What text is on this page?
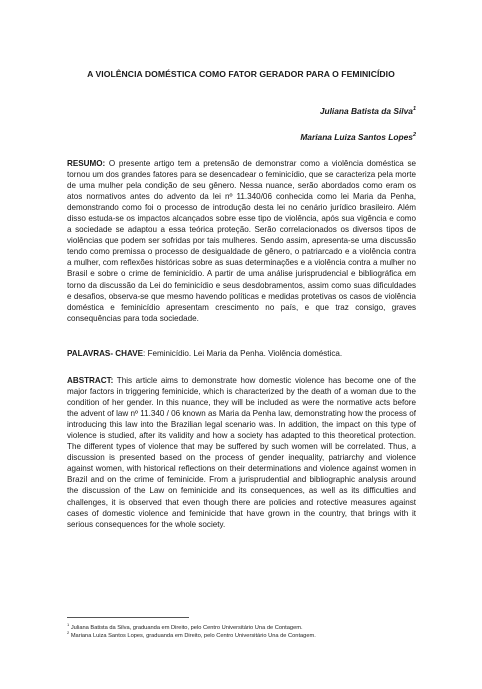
A VIOLÊNCIA DOMÉSTICA COMO FATOR GERADOR PARA O FEMINICÍDIO
Juliana Batista da Silva$^1$
Mariana Luiza Santos Lopes$^2$
RESUMO: O presente artigo tem a pretensão de demonstrar como a violência doméstica se tornou um dos grandes fatores para se desencadear o feminicídio, que se caracteriza pela morte de uma mulher pela condição de seu gênero. Nessa nuance, serão abordados como eram os atos normativos antes do advento da lei nº 11.340/06 conhecida como lei Maria da Penha, demonstrando como foi o processo de introdução desta lei no cenário jurídico brasileiro. Além disso estuda-se os impactos alcançados sobre esse tipo de violência, após sua vigência e como a sociedade se adaptou a essa teórica proteção. Serão correlacionados os diversos tipos de violências que podem ser sofridas por tais mulheres. Sendo assim, apresenta-se uma discussão tendo como premissa o processo de desigualdade de gênero, o patriarcado e a violência contra a mulher, com reflexões históricas sobre as suas determinações e a violência contra a mulher no Brasil e sobre o crime de feminicídio. A partir de uma análise jurisprudencial e bibliográfica em torno da discussão da Lei do feminicídio e seus desdobramentos, assim como suas dificuldades e desafios, observa-se que mesmo havendo políticas e medidas protetivas os casos de violência doméstica e feminicídio apresentam crescimento no país, e que traz consigo, graves consequências para toda sociedade.
PALAVRAS- CHAVE: Feminicídio. Lei Maria da Penha. Violência doméstica.
ABSTRACT: This article aims to demonstrate how domestic violence has become one of the major factors in triggering feminicide, which is characterized by the death of a woman due to the condition of her gender. In this nuance, they will be included as were the normative acts before the advent of law nº 11.340 / 06 known as Maria da Penha law, demonstrating how the process of introducing this law into the Brazilian legal scenario was. In addition, the impact on this type of violence is studied, after its validity and how a society has adapted to this theoretical protection. The different types of violence that may be suffered by such women will be correlated. Thus, a discussion is presented based on the process of gender inequality, patriarchy and violence against women, with historical reflections on their determinations and violence against women in Brazil and on the crime of feminicide. From a jurisprudential and bibliographic analysis around the discussion of the Law on feminicide and its consequences, as well as its difficulties and challenges, it is observed that even though there are policies and rotective measures against cases of domestic violence and feminicide that have grown in the country, that brings with it serious consequences for the whole society.
$^1$ Juliana Batista da Silva, graduanda em Direito, pelo Centro Universitário Una de Contagem.
$^2$ Mariana Luiza Santos Lopes, graduanda em Direito, pelo Centro Universitário Una de Contagem.
